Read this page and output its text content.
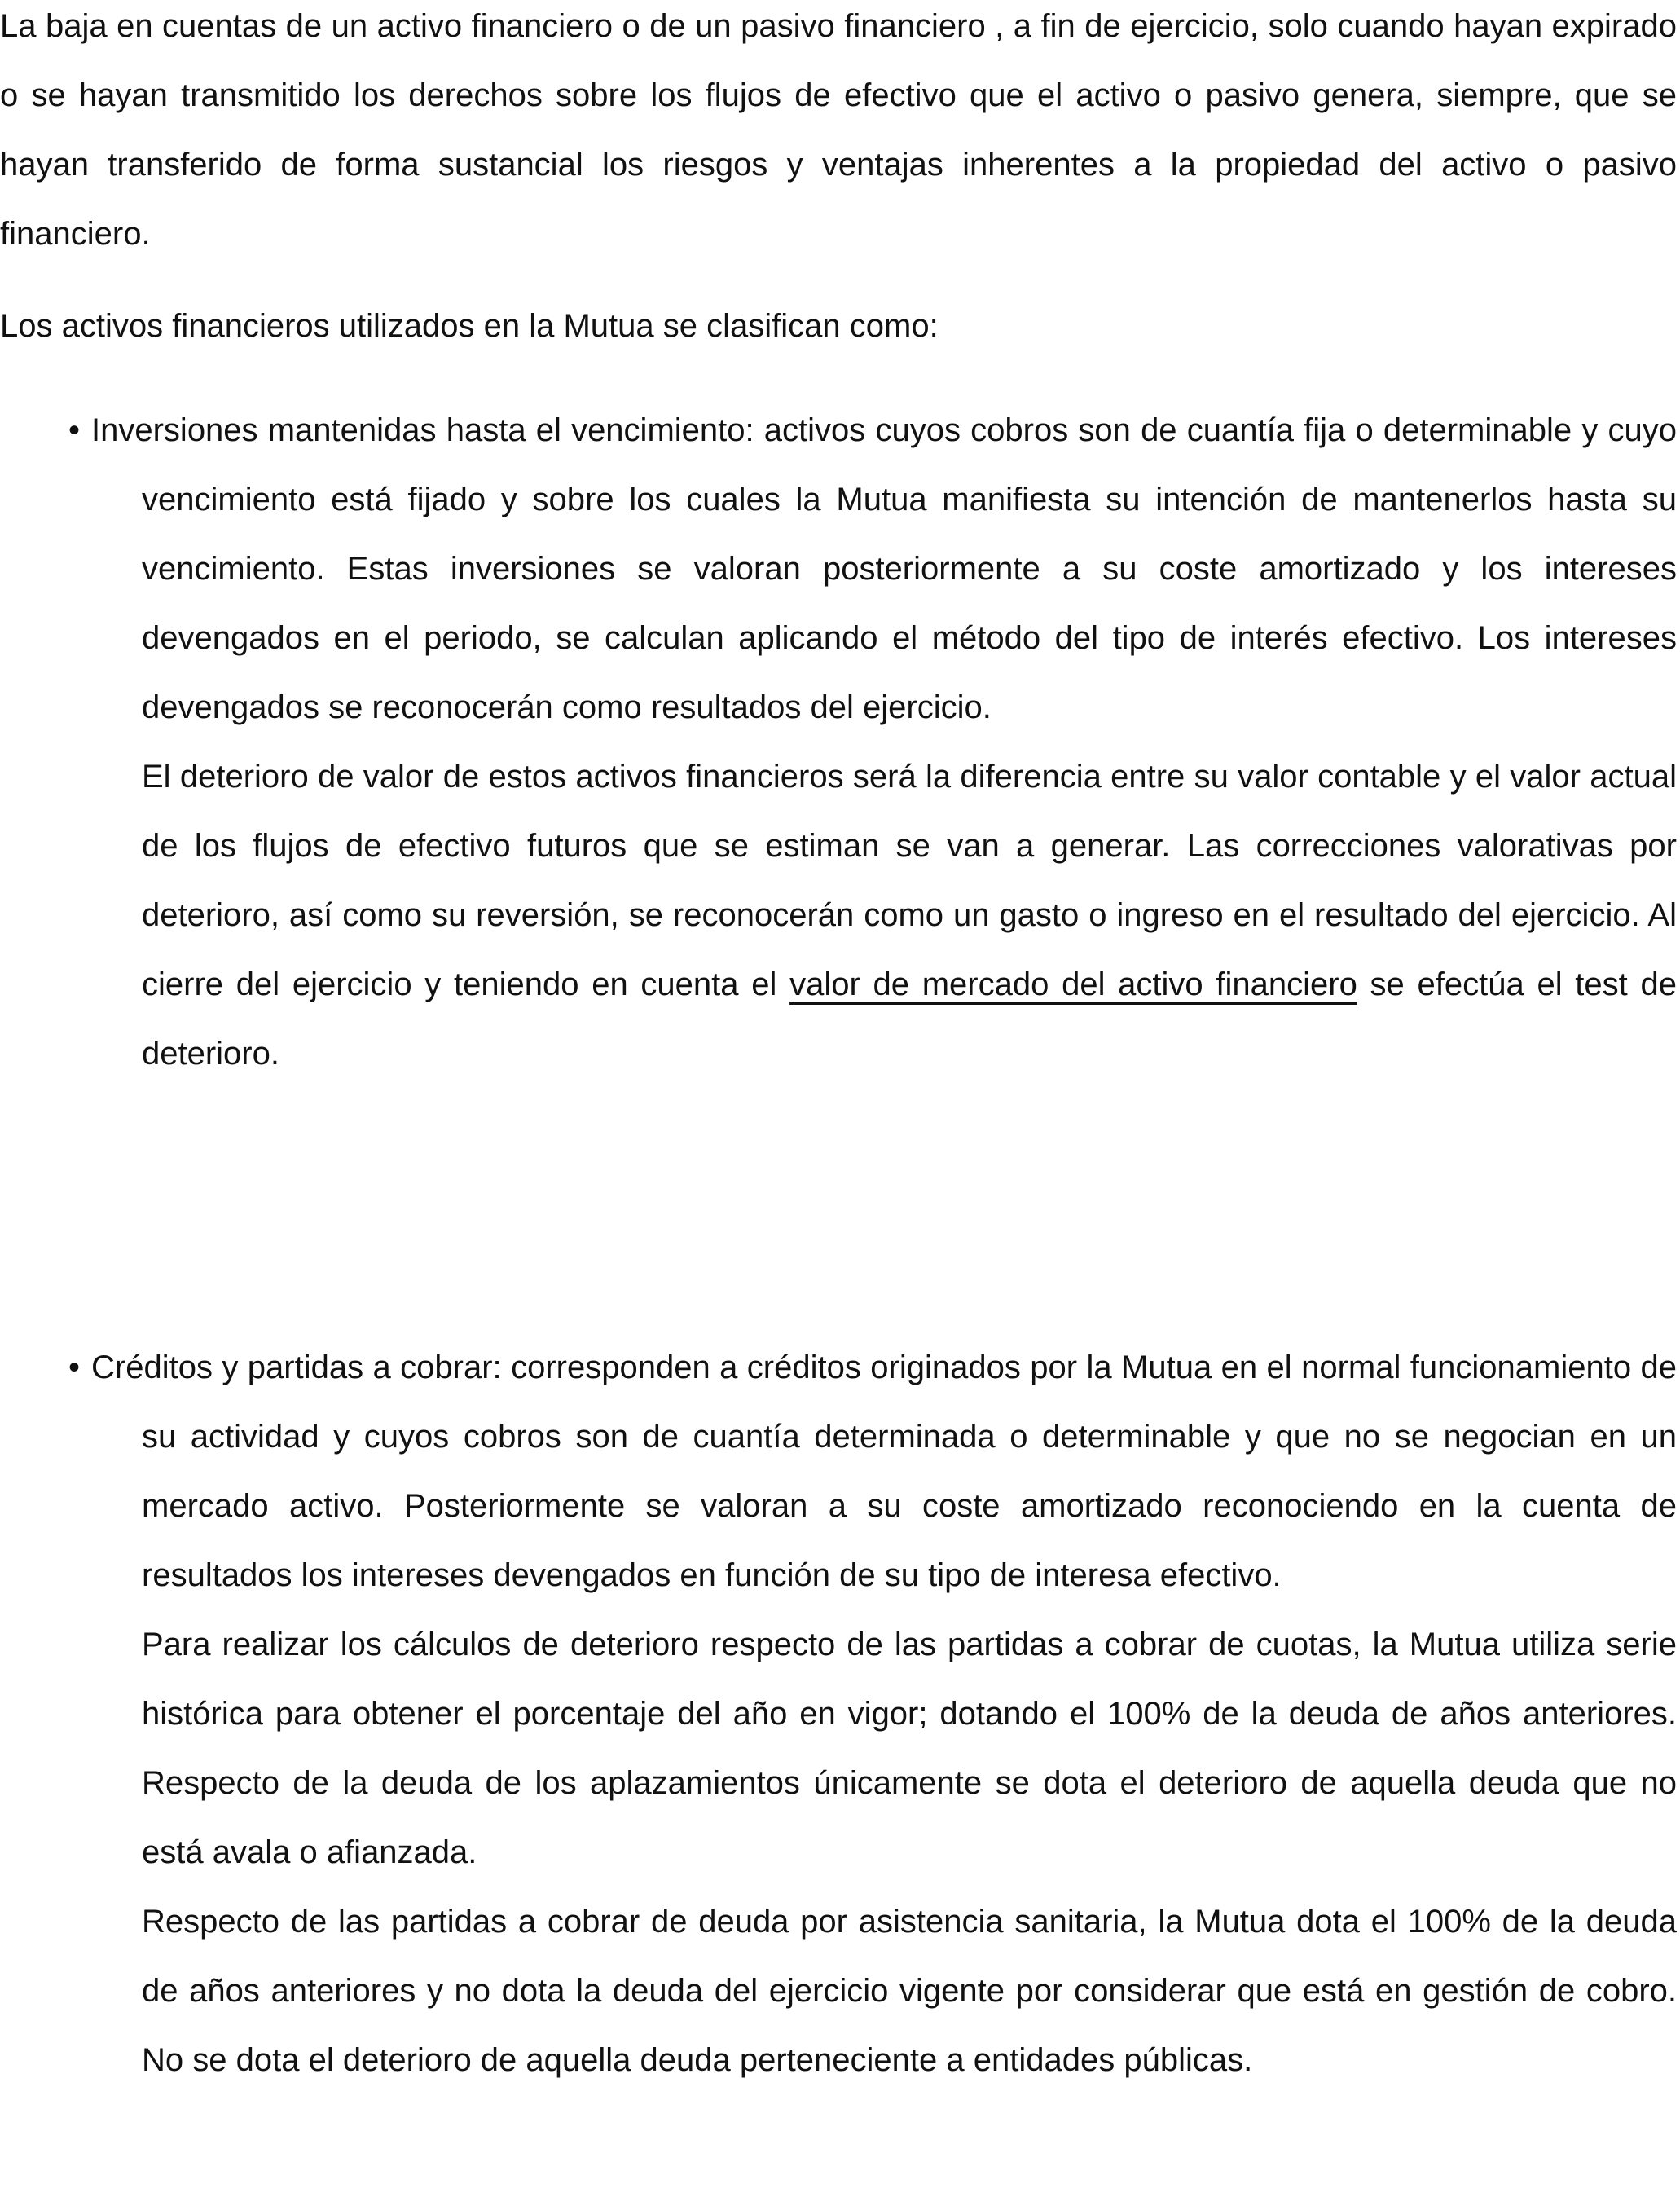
La baja en cuentas de un activo financiero o de un pasivo financiero , a fin de ejercicio, solo cuando hayan expirado o se hayan transmitido los derechos sobre los flujos de efectivo que el activo o pasivo genera, siempre, que se hayan transferido de forma sustancial los riesgos y ventajas inherentes a la propiedad del activo o pasivo financiero.

Los activos financieros utilizados en la Mutua se clasifican como:

• Inversiones mantenidas hasta el vencimiento: activos cuyos cobros son de cuantía fija o determinable y cuyo vencimiento está fijado y sobre los cuales la Mutua manifiesta su intención de mantenerlos hasta su vencimiento. Estas inversiones se valoran posteriormente a su coste amortizado y los intereses devengados en el periodo, se calculan aplicando el método del tipo de interés efectivo. Los intereses devengados se reconocerán como resultados del ejercicio.

El deterioro de valor de estos activos financieros será la diferencia entre su valor contable y el valor actual de los flujos de efectivo futuros que se estiman se van a generar. Las correcciones valorativas por deterioro, así como su reversión, se reconocerán como un gasto o ingreso en el resultado del ejercicio. Al cierre del ejercicio y teniendo en cuenta el valor de mercado del activo financiero se efectúa el test de deterioro.

• Créditos y partidas a cobrar: corresponden a créditos originados por la Mutua en el normal funcionamiento de su actividad y cuyos cobros son de cuantía determinada o determinable y que no se negocian en un mercado activo. Posteriormente se valoran a su coste amortizado reconociendo en la cuenta de resultados los intereses devengados en función de su tipo de interesa efectivo.

Para realizar los cálculos de deterioro respecto de las partidas a cobrar de cuotas, la Mutua utiliza serie histórica para obtener el porcentaje del año en vigor; dotando el 100% de la deuda de años anteriores. Respecto de la deuda de los aplazamientos únicamente se dota el deterioro de aquella deuda que no está avala o afianzada.

Respecto de las partidas a cobrar de deuda por asistencia sanitaria, la Mutua dota el 100% de la deuda de años anteriores y no dota la deuda del ejercicio vigente por considerar que está en gestión de cobro. No se dota el deterioro de aquella deuda perteneciente a entidades públicas.
